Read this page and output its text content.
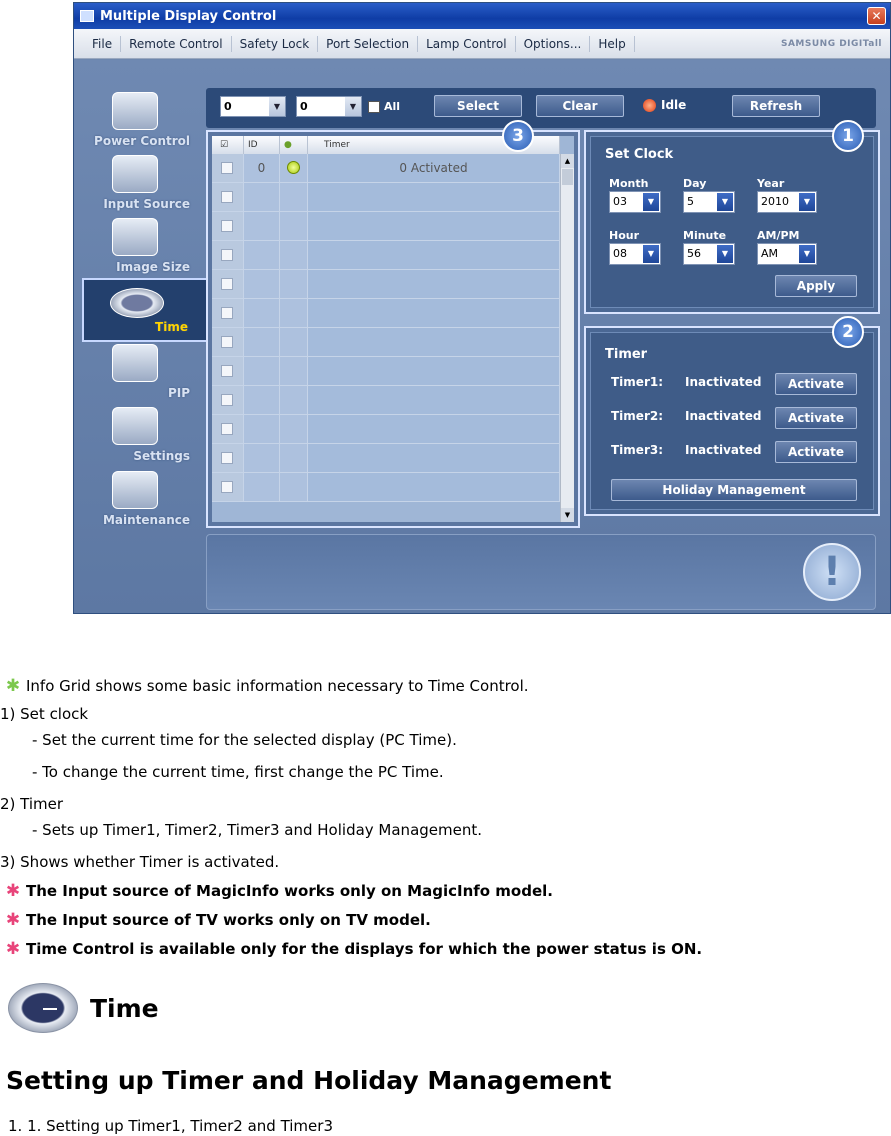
Multiple Display Control	✕
File	Remote Control	Safety Lock	Port Selection	Lamp Control	Options...	Help	SAMSUNG DIGITall
Power Control
Input Source
Image Size
Time
PIP
Settings
Maintenance
0	▼	0	▼	All	Select	Clear	Idle	Refresh
☑	ID	●	Timer
0	0 Activated	▲
▼
3
Set Clock
Month
03	▼
Day
5	▼
Year
2010	▼
Hour
08	▼
Minute
56	▼
AM/PM
AM	▼
Apply
1
Timer
Timer1: Inactivated	Activate
Timer2: Inactivated	Activate
Timer3: Inactivated	Activate
Holiday Management
2
!
✱ Info Grid shows some basic information necessary to Time Control.
1) Set clock
- Set the current time for the selected display (PC Time).
- To change the current time, first change the PC Time.
2) Timer
- Sets up Timer1, Timer2, Timer3 and Holiday Management.
3) Shows whether Timer is activated.
✱ The Input source of MagicInfo works only on MagicInfo model.
✱ The Input source of TV works only on TV model.
✱ Time Control is available only for the displays for which the power status is ON.
Time
Setting up Timer and Holiday Management
1. 1. Setting up Timer1, Timer2 and Timer3
